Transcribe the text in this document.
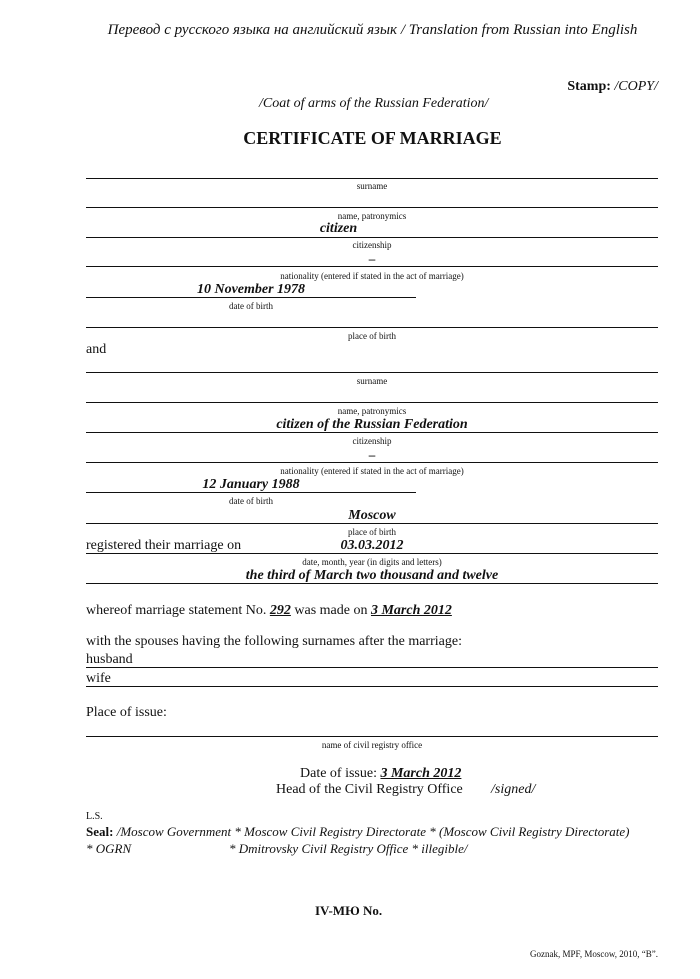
Перевод с русского языка на английский язык / Translation from Russian into English
Stamp: /COPY/
/Coat of arms of the Russian Federation/
CERTIFICATE OF MARRIAGE
surname
name, patronymics
citizen
citizenship
–
nationality (entered if stated in the act of marriage)
10 November 1978
date of birth
place of birth
and
surname
name, patronymics
citizen of the Russian Federation
citizenship
–
nationality (entered if stated in the act of marriage)
12 January 1988
date of birth
Moscow
place of birth
registered their marriage on	03.03.2012
date, month, year (in digits and letters)
the third of March two thousand and twelve
whereof marriage statement No. 292 was made on 3 March 2012
with the spouses having the following surnames after the marriage:
husband
wife
Place of issue:
name of civil registry office
Date of issue: 3 March 2012
Head of the Civil Registry Office /signed/
L.S.
Seal: /Moscow Government * Moscow Civil Registry Directorate * (Moscow Civil Registry Directorate)
* OGRN	* Dmitrovsky Civil Registry Office * illegible/
IV-МЮ No.
Goznak, MPF, Moscow, 2010, “B”.
